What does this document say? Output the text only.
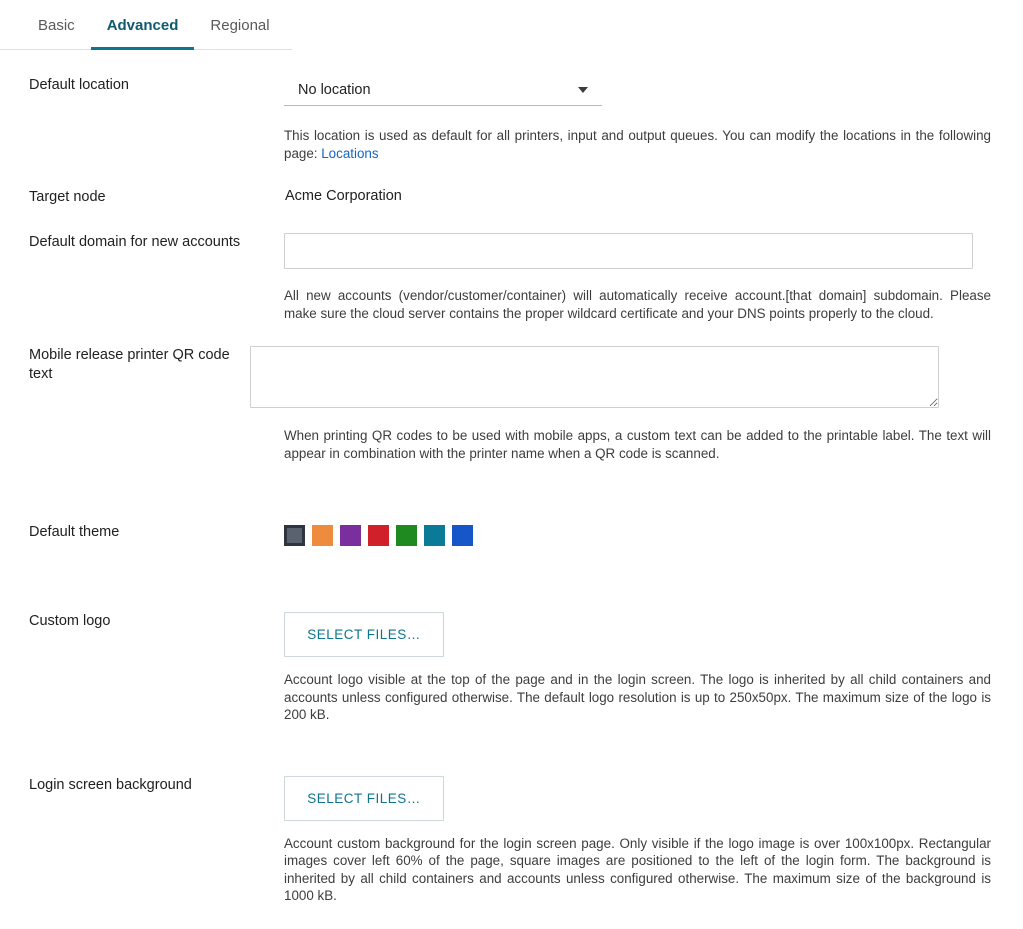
Basic	Advanced	Regional
Default location	No location
This location is used as default for all printers, input and output queues. You can modify the locations in the following page: Locations
Target node	Acme Corporation
Default domain for new accounts
All new accounts (vendor/customer/container) will automatically receive account.[that domain] subdomain. Please make sure the cloud server contains the proper wildcard certificate and your DNS points properly to the cloud.
Mobile release printer QR code text
When printing QR codes to be used with mobile apps, a custom text can be added to the printable label. The text will appear in combination with the printer name when a QR code is scanned.
Default theme
Custom logo
SELECT FILES…
Account logo visible at the top of the page and in the login screen. The logo is inherited by all child containers and accounts unless configured otherwise. The default logo resolution is up to 250x50px. The maximum size of the logo is 200 kB.
Login screen background
SELECT FILES…
Account custom background for the login screen page. Only visible if the logo image is over 100x100px. Rectangular images cover left 60% of the page, square images are positioned to the left of the login form. The background is inherited by all child containers and accounts unless configured otherwise. The maximum size of the background is 1000 kB.
